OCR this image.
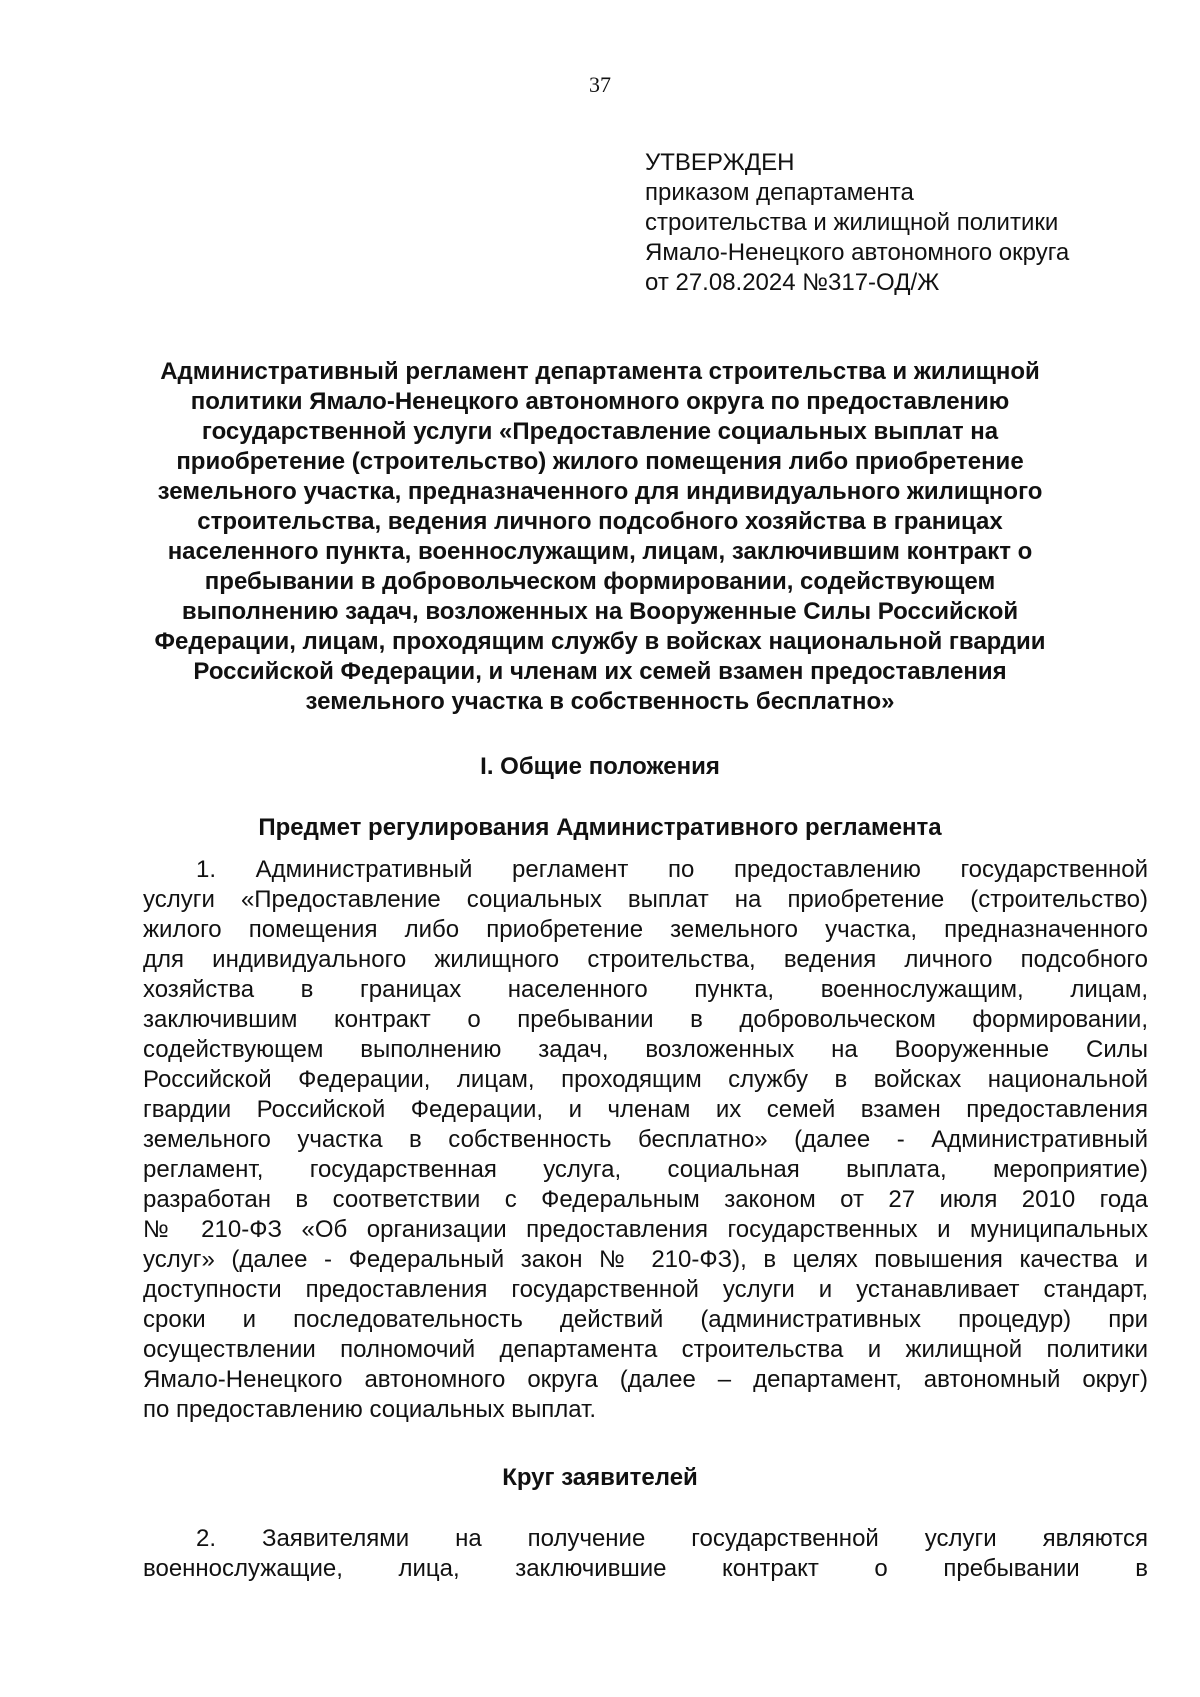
37
УТВЕРЖДЕН
приказом департамента
строительства и жилищной политики
Ямало-Ненецкого автономного округа
от 27.08.2024 №317-ОД/Ж
Административный регламент департамента строительства и жилищной
политики Ямало-Ненецкого автономного округа по предоставлению
государственной услуги «Предоставление социальных выплат на
приобретение (строительство) жилого помещения либо приобретение
земельного участка, предназначенного для индивидуального жилищного
строительства, ведения личного подсобного хозяйства в границах
населенного пункта, военнослужащим, лицам, заключившим контракт о
пребывании в добровольческом формировании, содействующем
выполнению задач, возложенных на Вооруженные Силы Российской
Федерации, лицам, проходящим службу в войсках национальной гвардии
Российской Федерации, и членам их семей взамен предоставления
земельного участка в собственность бесплатно»
I. Общие положения
Предмет регулирования Административного регламента
1. Административный регламент по предоставлению государственной
услуги «Предоставление социальных выплат на приобретение (строительство)
жилого помещения либо приобретение земельного участка, предназначенного
для индивидуального жилищного строительства, ведения личного подсобного
хозяйства в границах населенного пункта, военнослужащим, лицам,
заключившим контракт о пребывании в добровольческом формировании,
содействующем выполнению задач, возложенных на Вооруженные Силы
Российской Федерации, лицам, проходящим службу в войсках национальной
гвардии Российской Федерации, и членам их семей взамен предоставления
земельного участка в собственность бесплатно» (далее - Административный
регламент, государственная услуга, социальная выплата, мероприятие)
разработан в соответствии с Федеральным законом от 27 июля 2010 года
№ 210-ФЗ «Об организации предоставления государственных и муниципальных
услуг» (далее - Федеральный закон № 210-ФЗ), в целях повышения качества и
доступности предоставления государственной услуги и устанавливает стандарт,
сроки и последовательность действий (административных процедур) при
осуществлении полномочий департамента строительства и жилищной политики
Ямало-Ненецкого автономного округа (далее – департамент, автономный округ)
по предоставлению социальных выплат.
Круг заявителей
2. Заявителями на получение государственной услуги являются
военнослужащие, лица, заключившие контракт о пребывании в
